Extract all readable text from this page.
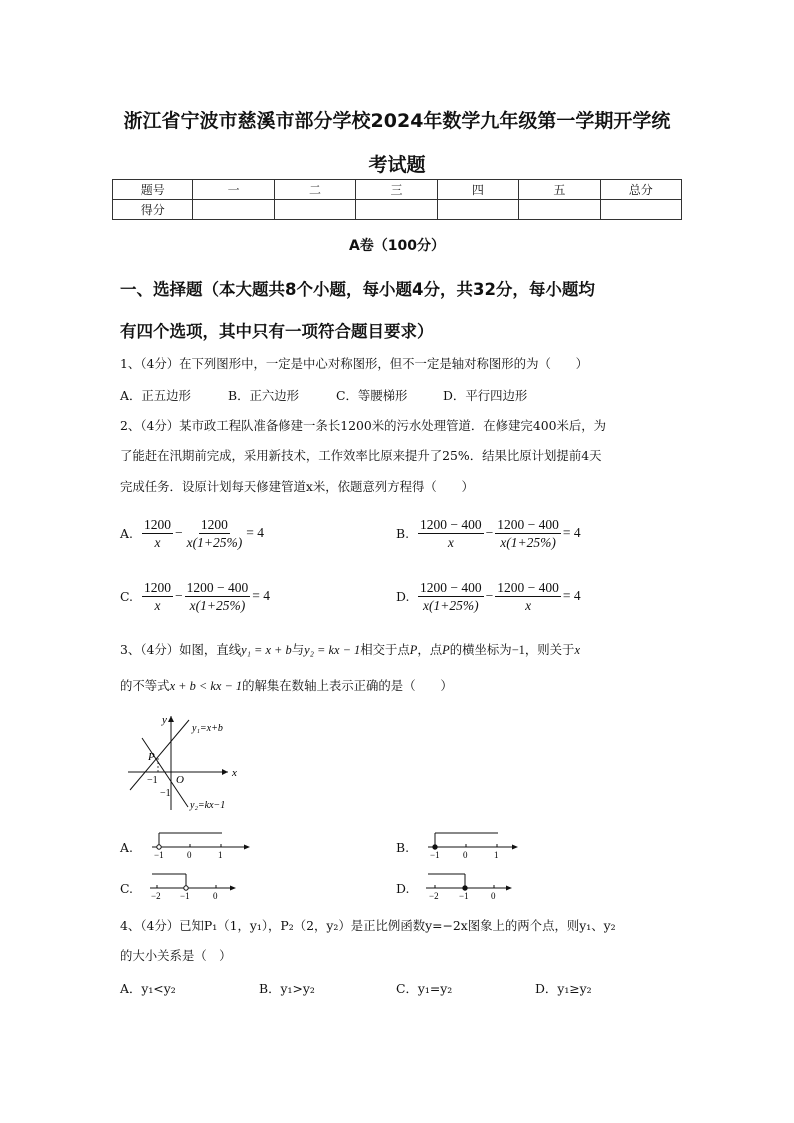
浙江省宁波市慈溪市部分学校2024年数学九年级第一学期开学统
考试题
题号	一	二	三	四	五	总分
得分						
A卷（100分）
一、选择题（本大题共8个小题，每小题4分，共32分，每小题均
有四个选项，其中只有一项符合题目要求）
1、（4分）在下列图形中，一定是中心对称图形，但不一定是轴对称图形的为（　　）
A．正五边形	B．正六边形	C．等腰梯形	D．平行四边形
2、（4分）某市政工程队准备修建一条长1200米的污水处理管道．在修建完400米后，为
了能赶在汛期前完成，采用新技术，工作效率比原来提升了25%．结果比原计划提前4天
完成任务．设原计划每天修建管道x米，依题意列方程得（　　）
A. $\frac{1200}{x} - \frac{1200}{x(1+25\%)} = 4$	B. $\frac{1200 - 400}{x} - \frac{1200 - 400}{x(1+25\%)} = 4$
C. $\frac{1200}{x} - \frac{1200 - 400}{x(1+25\%)} = 4$	D. $\frac{1200 - 400}{x(1+25\%)} - \frac{1200 - 400}{x} = 4$
3、（4分）如图，直线y₁ = x + b与y₂ = kx − 1相交于点P，点P的横坐标为−1，则关于x
的不等式x + b < kx − 1的解集在数轴上表示正确的是（　　）
x
y
y₁=x+b
y₂=kx−1
P
O
−1
−1
A. −1	0	1	B. −1	0	1
C. −2 −1	0	D. −2 −1 0
4、（4分）已知P₁（1，y₁），P₂（2，y₂）是正比例函数y=−2x图象上的两个点，则y₁、y₂
的大小关系是（　）
A．y₁<y₂	B．y₁>y₂	C．y₁=y₂	D．y₁≥y₂
